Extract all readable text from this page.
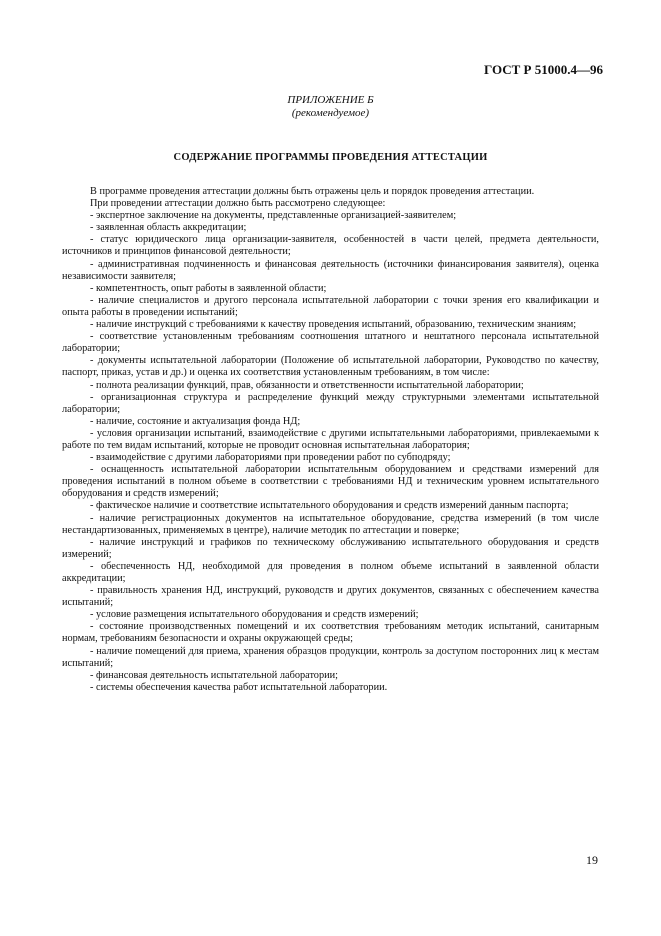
ГОСТ Р 51000.4—96
ПРИЛОЖЕНИЕ Б
(рекомендуемое)
СОДЕРЖАНИЕ ПРОГРАММЫ ПРОВЕДЕНИЯ АТТЕСТАЦИИ

В программе проведения аттестации должны быть отражены цель и порядок проведения аттестации.

При проведении аттестации должно быть рассмотрено следующее:

- экспертное заключение на документы, представленные организацией-заявителем;

- заявленная область аккредитации;

- статус юридического лица организации-заявителя, особенностей в части целей, предмета деятельности, источников и принципов финансовой деятельности;

- административная подчиненность и финансовая деятельность (источники финансирования заявителя), оценка независимости заявителя;

- компетентность, опыт работы в заявленной области;

- наличие специалистов и другого персонала испытательной лаборатории с точки зрения его квалификации и опыта работы в проведении испытаний;

- наличие инструкций с требованиями к качеству проведения испытаний, образованию, техническим знаниям;

- соответствие установленным требованиям соотношения штатного и нештатного персонала испытательной лаборатории;

- документы испытательной лаборатории (Положение об испытательной лаборатории, Руководство по качеству, паспорт, приказ, устав и др.) и оценка их соответствия установленным требованиям, в том числе:

- полнота реализации функций, прав, обязанности и ответственности испытательной лаборатории;

- организационная структура и распределение функций между структурными элементами испытательной лаборатории;

- наличие, состояние и актуализация фонда НД;

- условия организации испытаний, взаимодействие с другими испытательными лабораториями, привлекаемыми к работе по тем видам испытаний, которые не проводит основная испытательная лаборатория;

- взаимодействие с другими лабораториями при проведении работ по субподряду;

- оснащенность испытательной лаборатории испытательным оборудованием и средствами измерений для проведения испытаний в полном объеме в соответствии с требованиями НД и техническим уровнем испытательного оборудования и средств измерений;

- фактическое наличие и соответствие испытательного оборудования и средств измерений данным паспорта;

- наличие регистрационных документов на испытательное оборудование, средства измерений (в том числе нестандартизованных, применяемых в центре), наличие методик по аттестации и поверке;

- наличие инструкций и графиков по техническому обслуживанию испытательного оборудования и средств измерений;

- обеспеченность НД, необходимой для проведения в полном объеме испытаний в заявленной области аккредитации;

- правильность хранения НД, инструкций, руководств и других документов, связанных с обеспечением качества испытаний;

- условие размещения испытательного оборудования и средств измерений;

- состояние производственных помещений и их соответствия требованиям методик испытаний, санитарным нормам, требованиям безопасности и охраны окружающей среды;

- наличие помещений для приема, хранения образцов продукции, контроль за доступом посторонних лиц к местам испытаний;

- финансовая деятельность испытательной лаборатории;

- системы обеспечения качества работ испытательной лаборатории.

19
